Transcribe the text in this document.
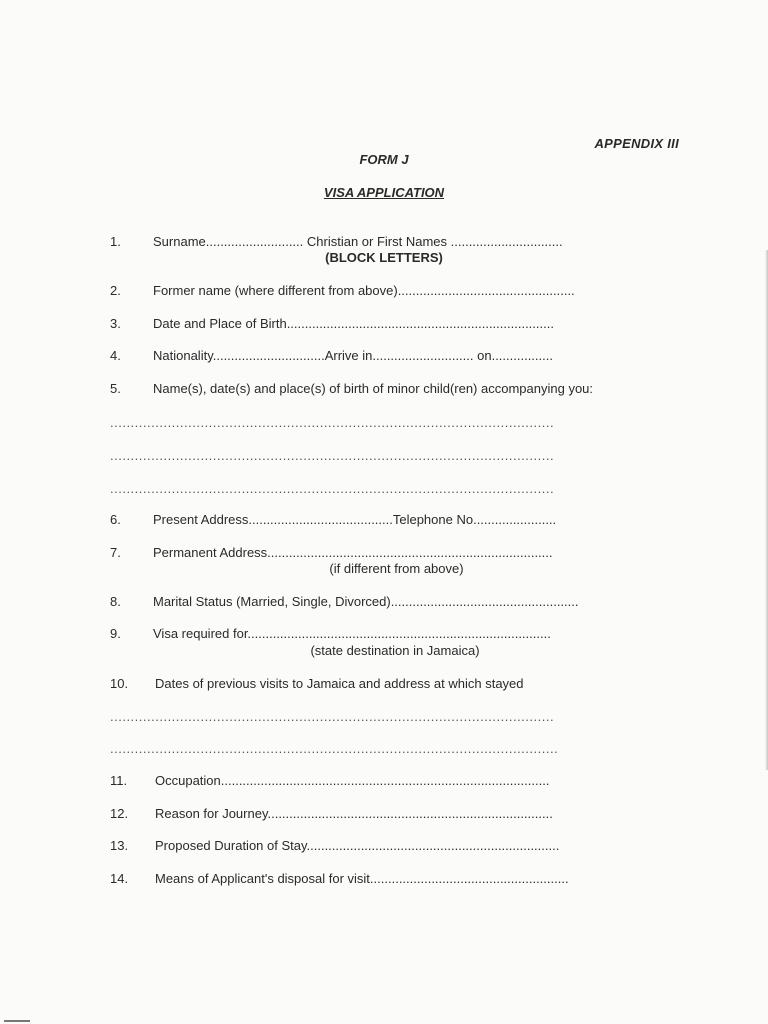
APPENDIX III
FORM J
VISA APPLICATION
1. Surname........................... Christian or First Names ...............................
(BLOCK LETTERS)
2. Former name (where different from above).................................................
3. Date and Place of Birth..........................................................................
4. Nationality...............................Arrive in............................ on.................
5. Name(s), date(s) and place(s) of birth of minor child(ren) accompanying you:
............................................................................................................
............................................................................................................
............................................................................................................
6. Present Address........................................Telephone No.......................
7. Permanent Address...............................................................................
(if different from above)
8. Marital Status (Married, Single, Divorced)....................................................
9. Visa required for....................................................................................
(state destination in Jamaica)
10. Dates of previous visits to Jamaica and address at which stayed
............................................................................................................
.............................................................................................................
11. Occupation...........................................................................................
12. Reason for Journey...............................................................................
13. Proposed Duration of Stay......................................................................
14. Means of Applicant's disposal for visit.......................................................
